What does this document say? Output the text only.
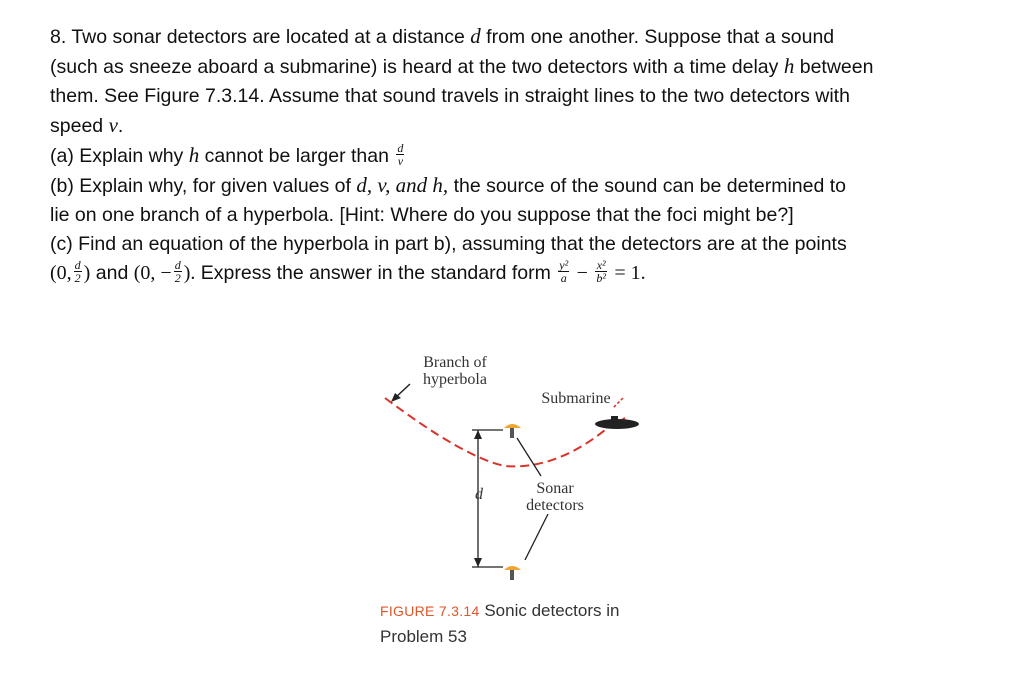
8. Two sonar detectors are located at a distance d from one another. Suppose that a sound
(such as sneeze aboard a submarine) is heard at the two detectors with a time delay h between
them. See Figure 7.3.14. Assume that sound travels in straight lines to the two detectors with
speed v.
(a) Explain why h cannot be larger than $\frac{d}{v}$
(b) Explain why, for given values of d, v, and h, the source of the sound can be determined to
lie on one branch of a hyperbola. [Hint: Where do you suppose that the foci might be?]
(c) Find an equation of the hyperbola in part b), assuming that the detectors are at the points
(0, $\frac{d}{2}$ ) and (0, − $\frac{d}{2}$ ). Express the answer in the standard form $\frac{\text{y²}}{a} - \frac{\text{x²}}{\text{b²}} = 1$.
Branch of
hyperbola
Submarine
d	Sonar
detectors
FIGURE 7.3.14 Sonic detectors in
Problem 53
